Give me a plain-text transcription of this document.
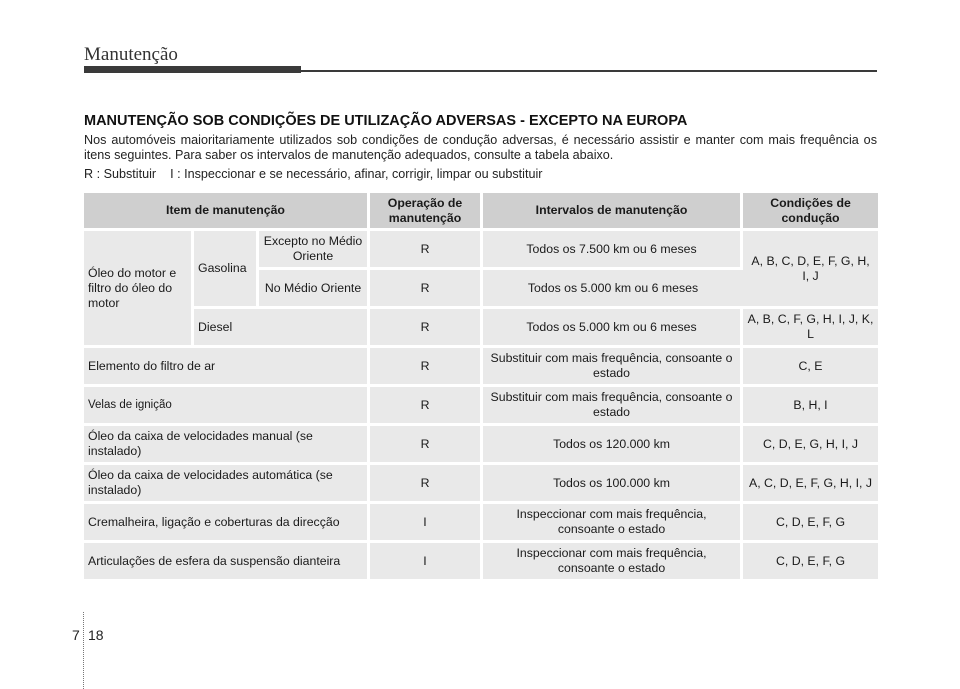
Manutenção

MANUTENÇÃO SOB CONDIÇÕES DE UTILIZAÇÃO ADVERSAS - EXCEPTO NA EUROPA

Nos automóveis maioritariamente utilizados sob condições de condução adversas, é necessário assistir e manter com mais frequência os itens seguintes. Para saber os intervalos de manutenção adequados, consulte a tabela abaixo.

R : Substituir I : Inspeccionar e se necessário, afinar, corrigir, limpar ou substituir
Item de manutenção			Operação de manutenção	Intervalos de manutenção	Condições de condução
Óleo do motor e filtro do óleo do motor	Gasolina	Excepto no Médio Oriente	R	Todos os 7.500 km ou 6 meses	A, B, C, D, E, F, G, H, I, J
		No Médio Oriente	R	Todos os 5.000 km ou 6 meses	
	Diesel		R	Todos os 5.000 km ou 6 meses	A, B, C, F, G, H, I, J, K, L
Elemento do filtro de ar			R	Substituir com mais frequência, consoante o estado	C, E
Velas de ignição			R	Substituir com mais frequência, consoante o estado	B, H, I
Óleo da caixa de velocidades manual (se instalado)			R	Todos os 120.000 km	C, D, E, G, H, I, J
Óleo da caixa de velocidades automática (se instalado)			R	Todos os 100.000 km	A, C, D, E, F, G, H, I, J
Cremalheira, ligação e coberturas da direcção			I	Inspeccionar com mais frequência, consoante o estado	C, D, E, F, G
Articulações de esfera da suspensão dianteira			I	Inspeccionar com mais frequência, consoante o estado	C, D, E, F, G
7 18
